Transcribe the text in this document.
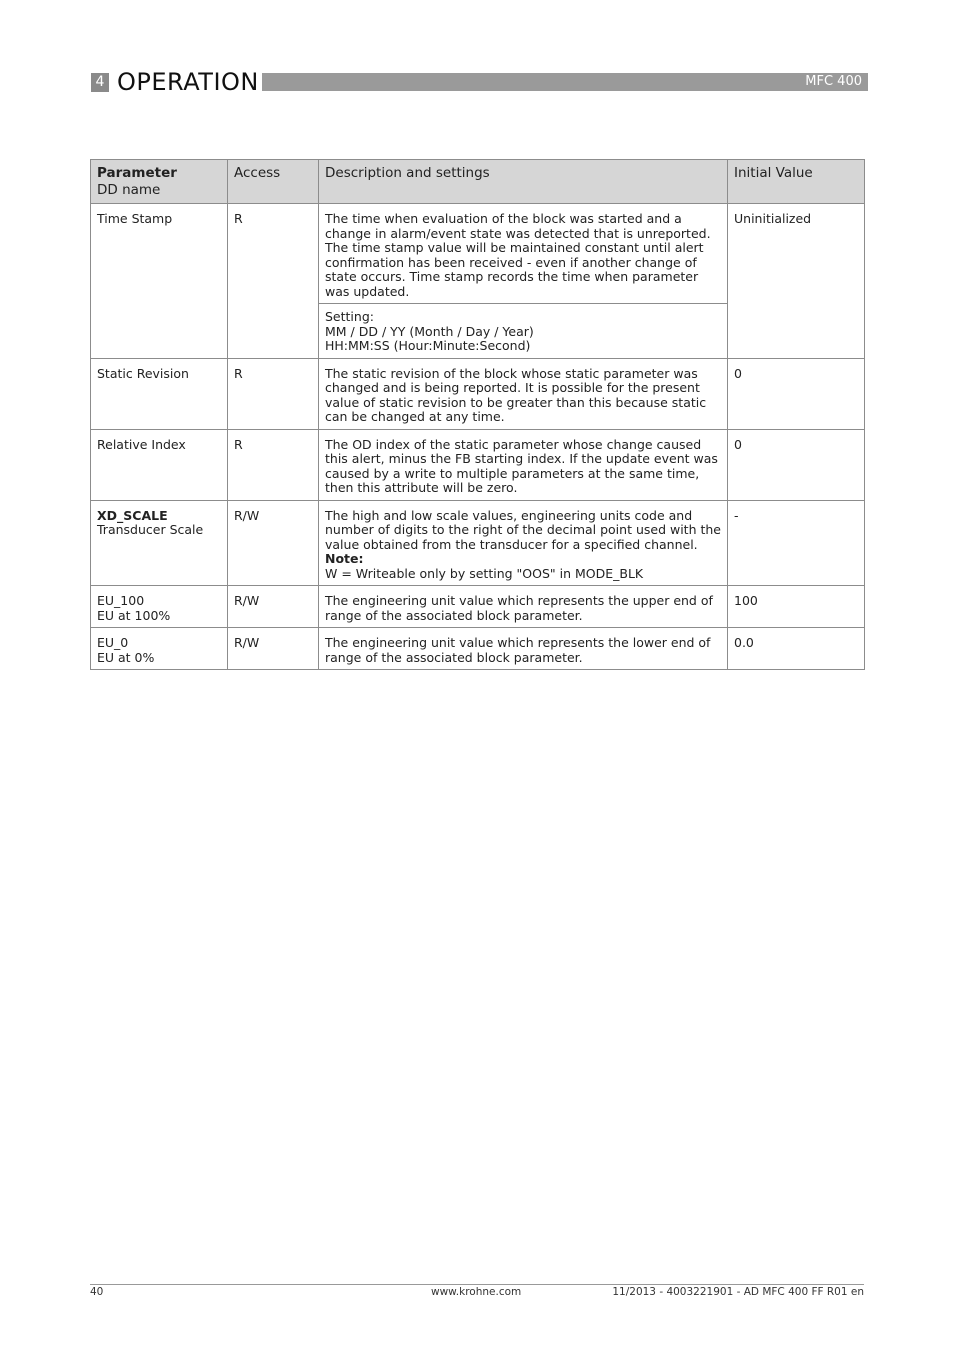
4 OPERATION	MFC 400
Parameter
DD name	Access	Description and settings	Initial Value
Time Stamp	R	The time when evaluation of the block was started and a change in alarm/event state was detected that is unreported. The time stamp value will be maintained constant until alert confirmation has been received - even if another change of state occurs. Time stamp records the time when parameter was updated.	Uninitialized
		Setting:
MM / DD / YY (Month / Day / Year)
HH:MM:SS (Hour:Minute:Second)	
Static Revision	R	The static revision of the block whose static parameter was changed and is being reported. It is possible for the present value of static revision to be greater than this because static can be changed at any time.	0
Relative Index	R	The OD index of the static parameter whose change caused this alert, minus the FB starting index. If the update event was caused by a write to multiple parameters at the same time, then this attribute will be zero.	0

XD_SCALE
Transducer Scale	R/W	The high and low scale values, engineering units code and number of digits to the right of the decimal point used with the value obtained from the transducer for a specified channel.
Note:
W = Writeable only by setting "OOS" in MODE_BLK	-

EU_100
EU at 100%	R/W	The engineering unit value which represents the upper end of range of the associated block parameter.	100

EU_0
EU at 0%	R/W	The engineering unit value which represents the lower end of range of the associated block parameter.	0.0
40	www.krohne.com	11/2013 - 4003221901 - AD MFC 400 FF R01 en
